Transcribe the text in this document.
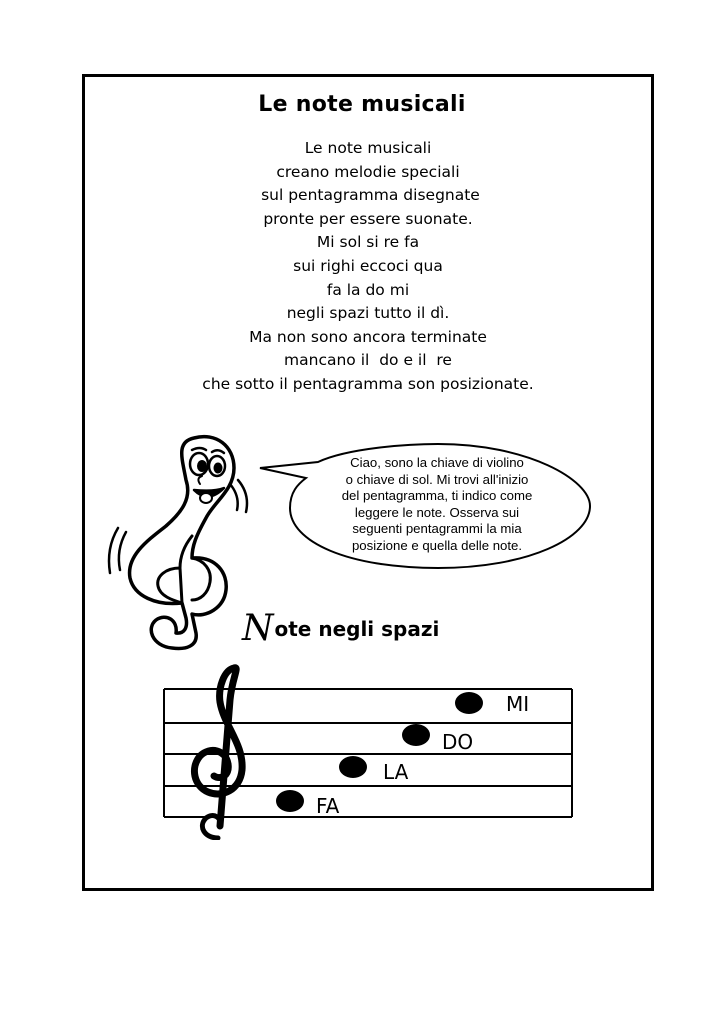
Le note musicali
Le note musicali
creano melodie speciali
sul pentagramma disegnate
pronte per essere suonate.
Mi sol si re fa
sui righi eccoci qua
fa la do mi
negli spazi tutto il dì.
Ma non sono ancora terminate
mancano il  do e il  re
che sotto il pentagramma son posizionate.
Ciao, sono la chiave di violino
o chiave di sol. Mi trovi all'inizio
del pentagramma, ti indico come
leggere le note. Osserva sui
seguenti pentagrammi la mia
posizione e quella delle note.
Note negli spazi
FA
LA
DO
MI
